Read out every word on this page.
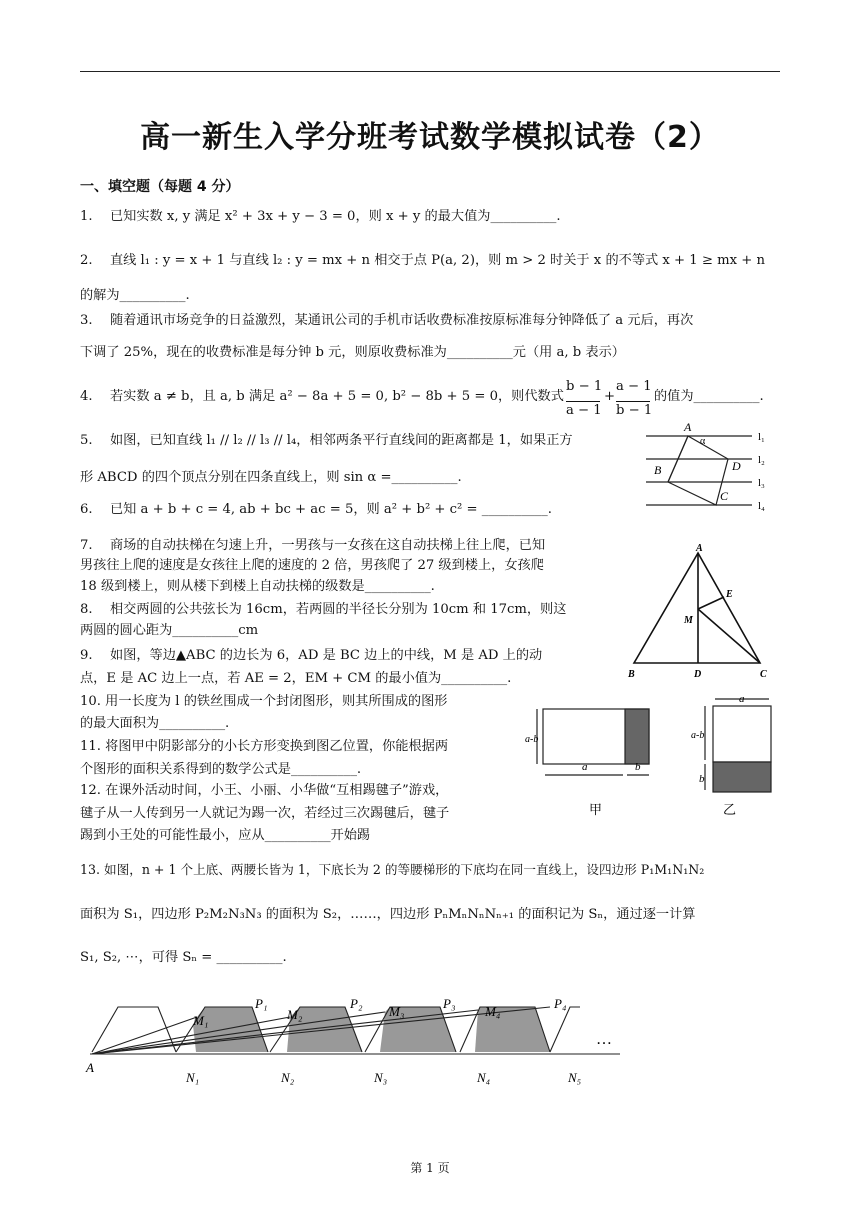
高一新生入学分班考试数学模拟试卷（2）
一、填空题（每题 4 分）
1.　 已知实数 x, y 满足 x² + 3x + y − 3 = 0，则 x + y 的最大值为__________.
2.　 直线 l₁ : y = x + 1 与直线 l₂ : y = mx + n 相交于点 P(a, 2)，则 m > 2 时关于 x 的不等式 x + 1 ≥ mx + n
的解为__________.
3.　 随着通讯市场竞争的日益激烈，某通讯公司的手机市话收费标准按原标准每分钟降低了 a 元后，再次
下调了 25%，现在的收费标准是每分钟 b 元，则原收费标准为__________元（用 a, b 表示）
4.　 若实数 a ≠ b，且 a, b 满足 a² − 8a + 5 = 0, b² − 8b + 5 = 0，则代数式
b − 1
a − 1
+
a − 1
b − 1
的值为__________.
5.　 如图，已知直线 l₁ // l₂ // l₃ // l₄，相邻两条平行直线间的距离都是 1，如果正方
形 ABCD 的四个顶点分别在四条直线上，则 sin α =__________.
6.　 已知 a + b + c = 4, ab + bc + ac = 5，则 a² + b² + c² = __________.
7.　 商场的自动扶梯在匀速上升，一男孩与一女孩在这自动扶梯上往上爬，已知
男孩往上爬的速度是女孩往上爬的速度的 2 倍，男孩爬了 27 级到楼上，女孩爬
18 级到楼上，则从楼下到楼上自动扶梯的级数是__________.
8.　 相交两圆的公共弦长为 16cm，若两圆的半径长分别为 10cm 和 17cm，则这
两圆的圆心距为__________cm
9.　 如图，等边▲ABC 的边长为 6，AD 是 BC 边上的中线，M 是 AD 上的动
点，E 是 AC 边上一点，若 AE = 2，EM + CM 的最小值为__________.
10. 用一长度为 l 的铁丝围成一个封闭图形，则其所围成的图形
的最大面积为__________.
11. 将图甲中阴影部分的小长方形变换到图乙位置，你能根据两
个图形的面积关系得到的数学公式是__________.
12. 在课外活动时间，小王、小丽、小华做“互相踢毽子”游戏，
毽子从一人传到另一人就记为踢一次，若经过三次踢毽后，毽子
踢到小王处的可能性最小，应从__________开始踢
13. 如图，n + 1 个上底、两腰长皆为 1，下底长为 2 的等腰梯形的下底均在同一直线上，设四边形 P₁M₁N₁N₂
面积为 S₁，四边形 P₂M₂N₃N₃ 的面积为 S₂，……，四边形 PₙMₙNₙNₙ₊₁ 的面积记为 Sₙ，通过逐一计算
S₁, S₂, ⋯，可得 Sₙ = __________.
A
B
C
D
α	l₁
l₂
l₃
l₄
A
B	C
D
E
M
a	b
a-b
a
a-b
b
甲	乙
A
…
P₁	P₂	P₃	P₄
M₁	M₂	M₃	M₄
N₁	N₂	N₃	N₄	N₅
第 1 页
